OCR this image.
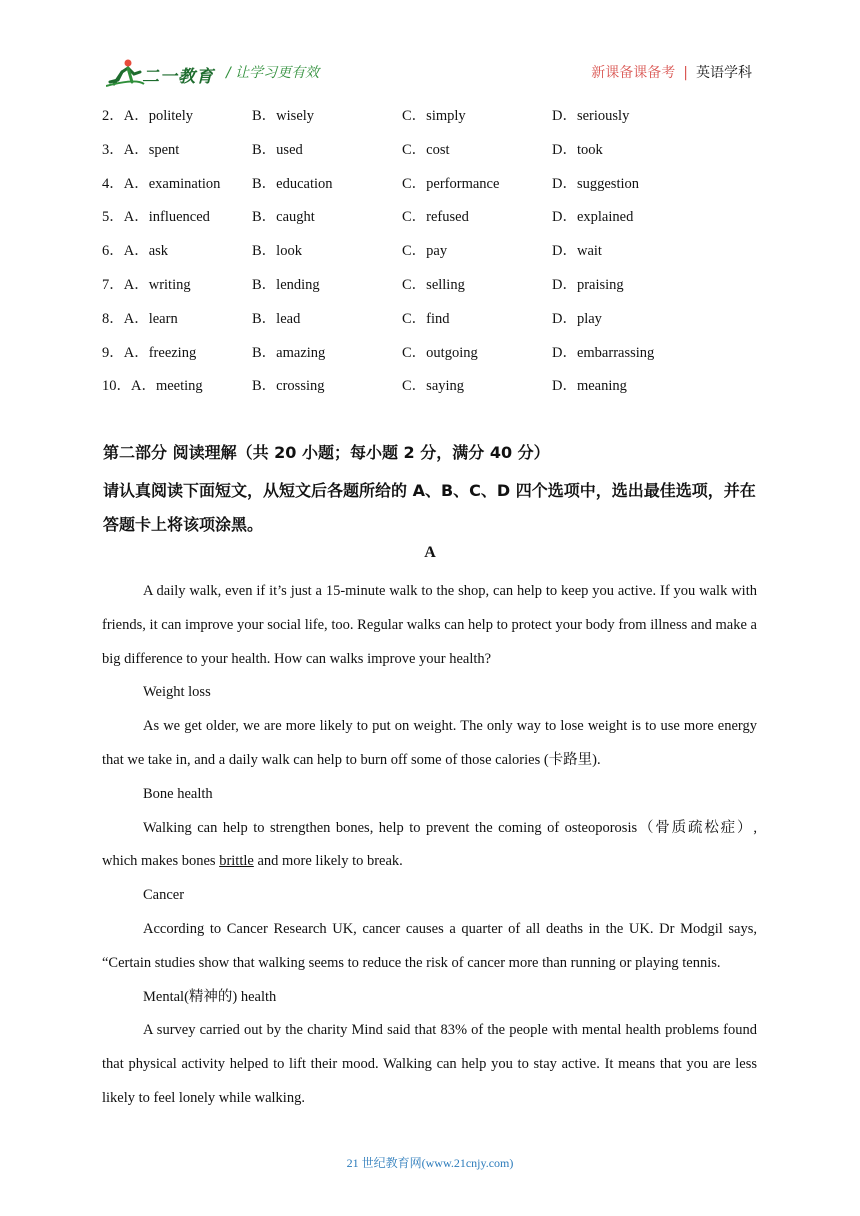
二一教育 / 让学习更有效	新课备课备考 | 英语学科
2．A．politely	B．wisely	C．simply	D．seriously
3．A．spent	B．used	C．cost	D．took
4．A．examination	B．education	C．performance	D．suggestion
5．A．influenced	B．caught	C．refused	D．explained
6．A．ask	B．look	C．pay	D．wait
7．A．writing	B．lending	C．selling	D．praising
8．A．learn	B．lead	C．find	D．play
9．A．freezing	B．amazing	C．outgoing	D．embarrassing
10．A．meeting	B．crossing	C．saying	D．meaning
第二部分 阅读理解（共 20 小题；每小题 2 分，满分 40 分）
请认真阅读下面短文，从短文后各题所给的 A、B、C、D 四个选项中，选出最佳选项，并在答题卡上将该项涂黑。
A

A daily walk, even if it’s just a 15-minute walk to the shop, can help to keep you active. If you walk with friends, it can improve your social life, too. Regular walks can help to protect your body from illness and make a big difference to your health. How can walks improve your health?

Weight loss

As we get older, we are more likely to put on weight. The only way to lose weight is to use more energy that we take in, and a daily walk can help to burn off some of those calories (卡路里).

Bone health

Walking can help to strengthen bones, help to prevent the coming of osteoporosis（骨质疏松症）, which makes bones brittle and more likely to break.

Cancer

According to Cancer Research UK, cancer causes a quarter of all deaths in the UK. Dr Modgil says, “Certain studies show that walking seems to reduce the risk of cancer more than running or playing tennis.

Mental(精神的) health

A survey carried out by the charity Mind said that 83% of the people with mental health problems found that physical activity helped to lift their mood. Walking can help you to stay active. It means that you are less likely to feel lonely while walking.

21 世纪教育网(www.21cnjy.com)
